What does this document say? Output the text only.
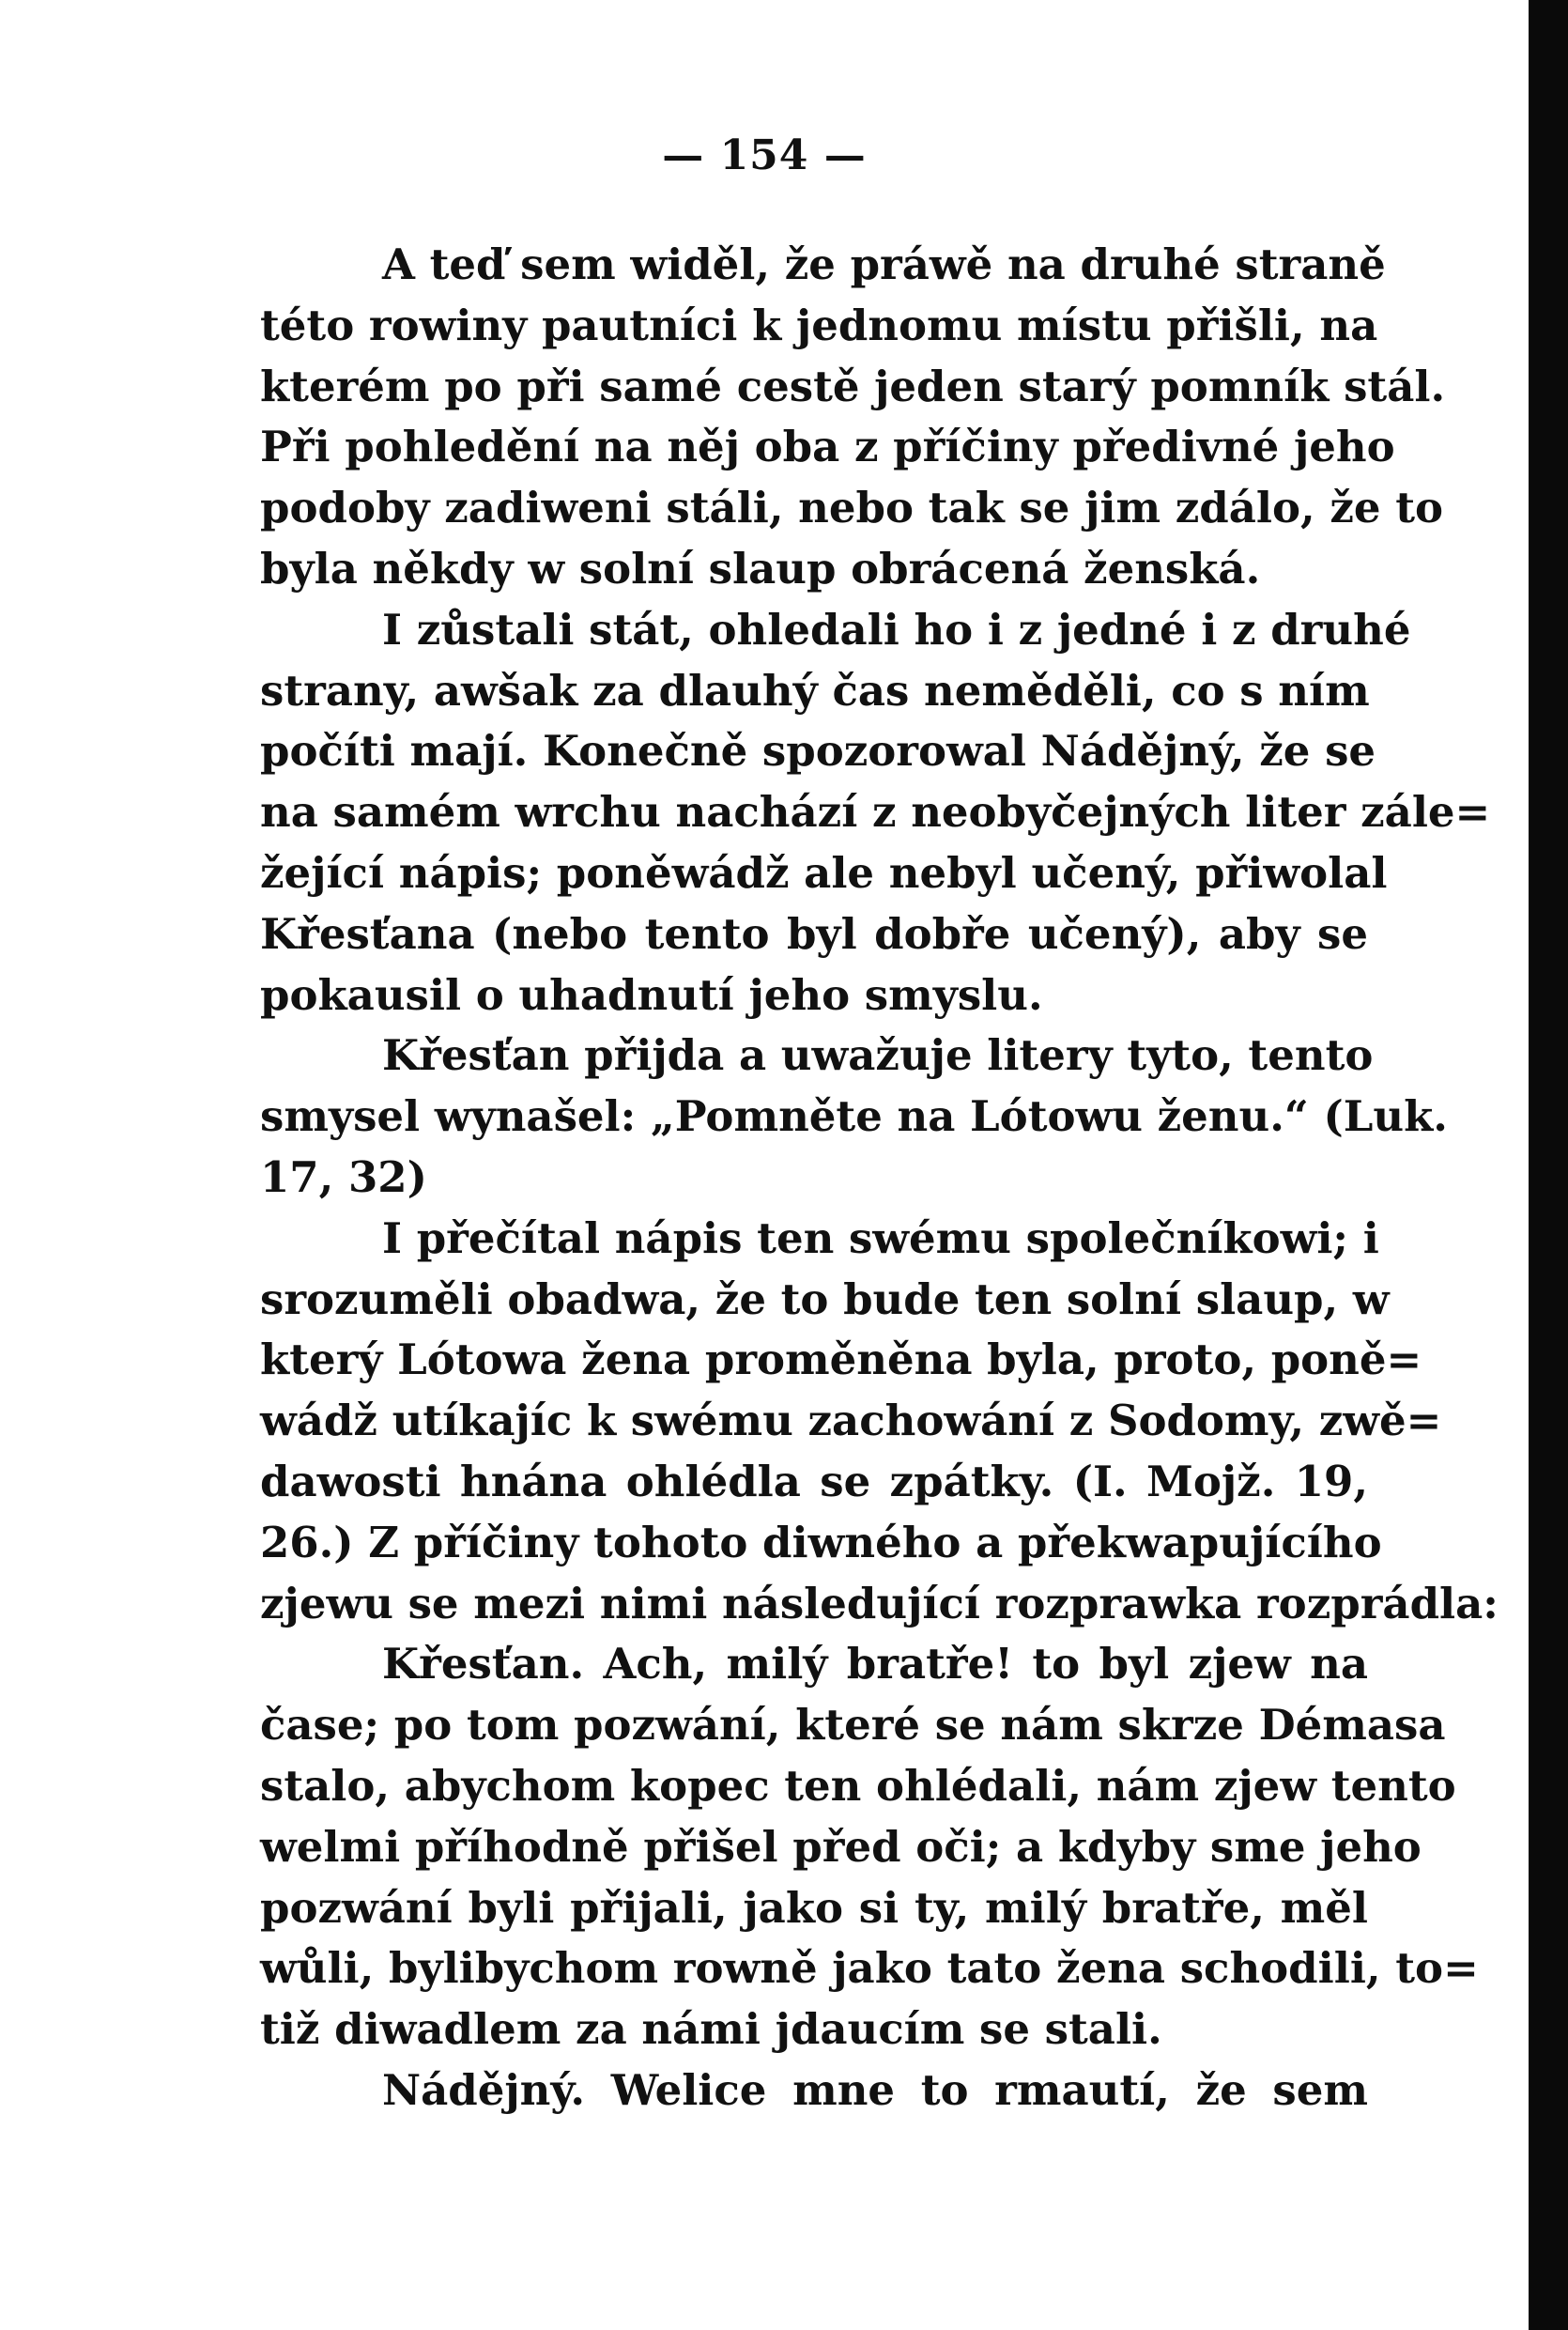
— 154 —
A teď sem widěl, že práwě na druhé straně
této rowiny pautníci k jednomu místu přišli, na
kterém po při samé cestě jeden starý pomník stál.
Při pohledění na něj oba z příčiny předivné jeho
podoby zadiweni stáli, nebo tak se jim zdálo, že to
byla někdy w solní slaup obrácená ženská.
I zůstali stát, ohledali ho i z jedné i z druhé
strany, awšak za dlauhý čas neměděli, co s ním
počíti mají. Konečně spozorowal Nádějný, že se
na samém wrchu nachází z neobyčejných liter zále=
žející nápis; poněwádž ale nebyl učený, přiwolal
Křesťana (nebo tento byl dobře učený), aby se
pokausil o uhadnutí jeho smyslu.
Křesťan přijda a uwažuje litery tyto, tento
smysel wynašel: „Pomněte na Lótowu ženu.“ (Luk.
17, 32)
I přečítal nápis ten swému společníkowi; i
srozuměli obadwa, že to bude ten solní slaup, w
který Lótowa žena proměněna byla, proto, poně=
wádž utíkajíc k swému zachowání z Sodomy, zwě=
dawosti hnána ohlédla se zpátky. (I. Mojž. 19,
26.) Z příčiny tohoto diwného a překwapujícího
zjewu se mezi nimi následující rozprawka rozprádla:
Křesťan. Ach, milý bratře! to byl zjew na
čase; po tom pozwání, které se nám skrze Démasa
stalo, abychom kopec ten ohlédali, nám zjew tento
welmi příhodně přišel před oči; a kdyby sme jeho
pozwání byli přijali, jako si ty, milý bratře, měl
wůli, bylibychom rowně jako tato žena schodili, to=
tiž diwadlem za námi jdaucím se stali.
Nádějný. Welice mne to rmautí, že sem
